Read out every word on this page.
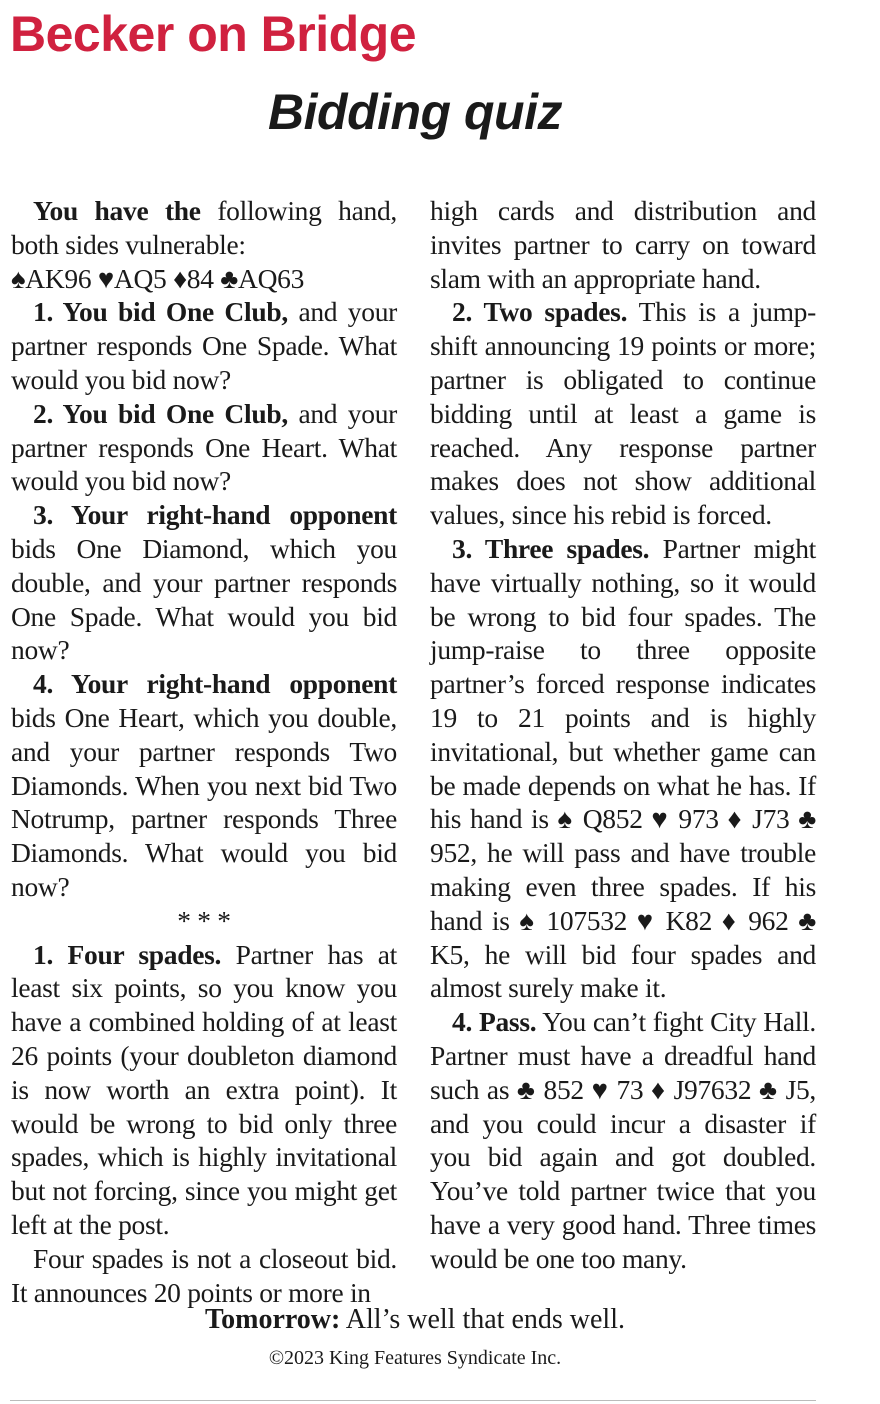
Becker on Bridge
Bidding quiz

You have the following hand, both sides vulnerable:

♠AK96 ♥AQ5 ♦84 ♣AQ63

1. You bid One Club, and your partner responds One Spade. What would you bid now?

2. You bid One Club, and your partner responds One Heart. What would you bid now?

3. Your right-hand opponent bids One Diamond, which you double, and your partner responds One Spade. What would you bid now?

4. Your right-hand opponent bids One Heart, which you double, and your partner responds Two Diamonds. When you next bid Two Notrump, partner responds Three Diamonds. What would you bid now?

* * *

1. Four spades. Partner has at least six points, so you know you have a combined holding of at least 26 points (your doubleton diamond is now worth an extra point). It would be wrong to bid only three spades, which is highly invitational but not forcing, since you might get left at the post.

Four spades is not a closeout bid. It announces 20 points or more in

high cards and distribution and invites partner to carry on toward slam with an appropriate hand.

2. Two spades. This is a jump-shift announcing 19 points or more; partner is obligated to continue bidding until at least a game is reached. Any response partner makes does not show additional values, since his rebid is forced.

3. Three spades. Partner might have virtually nothing, so it would be wrong to bid four spades. The jump-raise to three opposite partner’s forced response indicates 19 to 21 points and is highly invitational, but whether game can be made depends on what he has. If his hand is ♠ Q852 ♥ 973 ♦ J73 ♣ 952, he will pass and have trouble making even three spades. If his hand is ♠ 107532 ♥ K82 ♦ 962 ♣ K5, he will bid four spades and almost surely make it.

4. Pass. You can’t fight City Hall. Partner must have a dreadful hand such as ♣ 852 ♥ 73 ♦ J97632 ♣ J5, and you could incur a disaster if you bid again and got doubled. You’ve told partner twice that you have a very good hand. Three times would be one too many.

Tomorrow: All’s well that ends well.
©2023 King Features Syndicate Inc.
